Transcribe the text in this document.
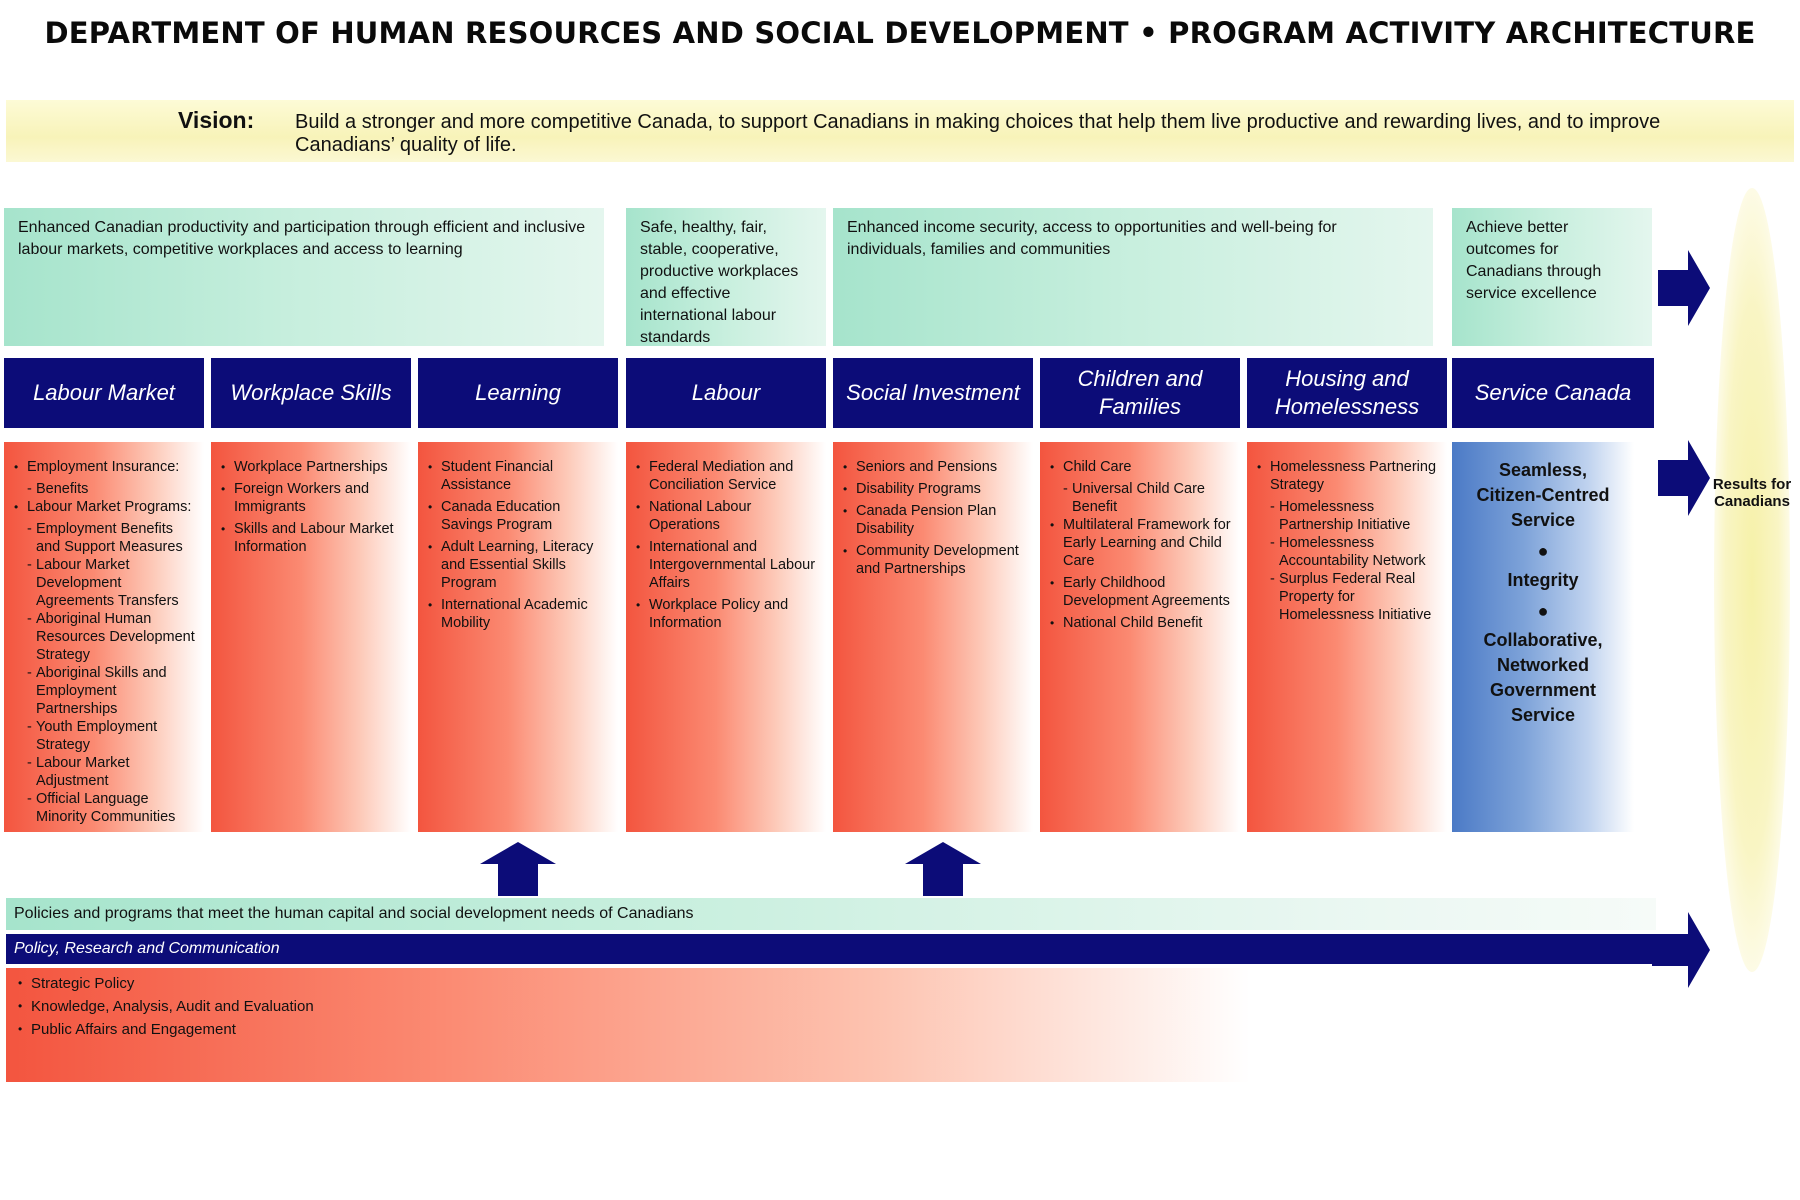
DEPARTMENT OF HUMAN RESOURCES AND SOCIAL DEVELOPMENT • PROGRAM ACTIVITY ARCHITECTURE
Vision: Build a stronger and more competitive Canada, to support Canadians in making choices that help them live productive and rewarding lives, and to improve Canadians’ quality of life.
Enhanced Canadian productivity and participation through efficient and inclusive labour markets, competitive workplaces and access to learning
Safe, healthy, fair, stable, cooperative, productive workplaces and effective international labour standards
Enhanced income security, access to opportunities and well-being for individuals, families and communities
Achieve better outcomes for Canadians through service excellence
Labour Market	Workplace Skills	Learning	Labour	Social Investment
Children and Families
Housing and Homelessness
Service Canada
• Employment Insurance:
- Benefits
• Labour Market Programs:
- Employment Benefits and Support Measures
- Labour Market Development Agreements Transfers
- Aboriginal Human Resources Development Strategy
- Aboriginal Skills and Employment Partnerships
- Youth Employment Strategy
- Labour Market Adjustment
- Official Language Minority Communities
• Workplace Partnerships
• Foreign Workers and Immigrants
• Skills and Labour Market Information
• Student Financial Assistance
• Canada Education Savings Program
• Adult Learning, Literacy and Essential Skills Program
• International Academic Mobility
• Federal Mediation and Conciliation Service
• National Labour Operations
• International and Intergovernmental Labour Affairs
• Workplace Policy and Information
• Seniors and Pensions
• Disability Programs
• Canada Pension Plan Disability
• Community Development and Partnerships
• Child Care
- Universal Child Care Benefit
• Multilateral Framework for Early Learning and Child Care
• Early Childhood Development Agreements
• National Child Benefit
• Homelessness Partnering Strategy
- Homelessness Partnership Initiative
- Homelessness Accountability Network
- Surplus Federal Real Property for Homelessness Initiative
Seamless, Citizen-Centred Service
●
Integrity
●
Collaborative, Networked Government Service
Policies and programs that meet the human capital and social development needs of Canadians
Policy, Research and Communication
• Strategic Policy
• Knowledge, Analysis, Audit and Evaluation
• Public Affairs and Engagement
Results for Canadians
